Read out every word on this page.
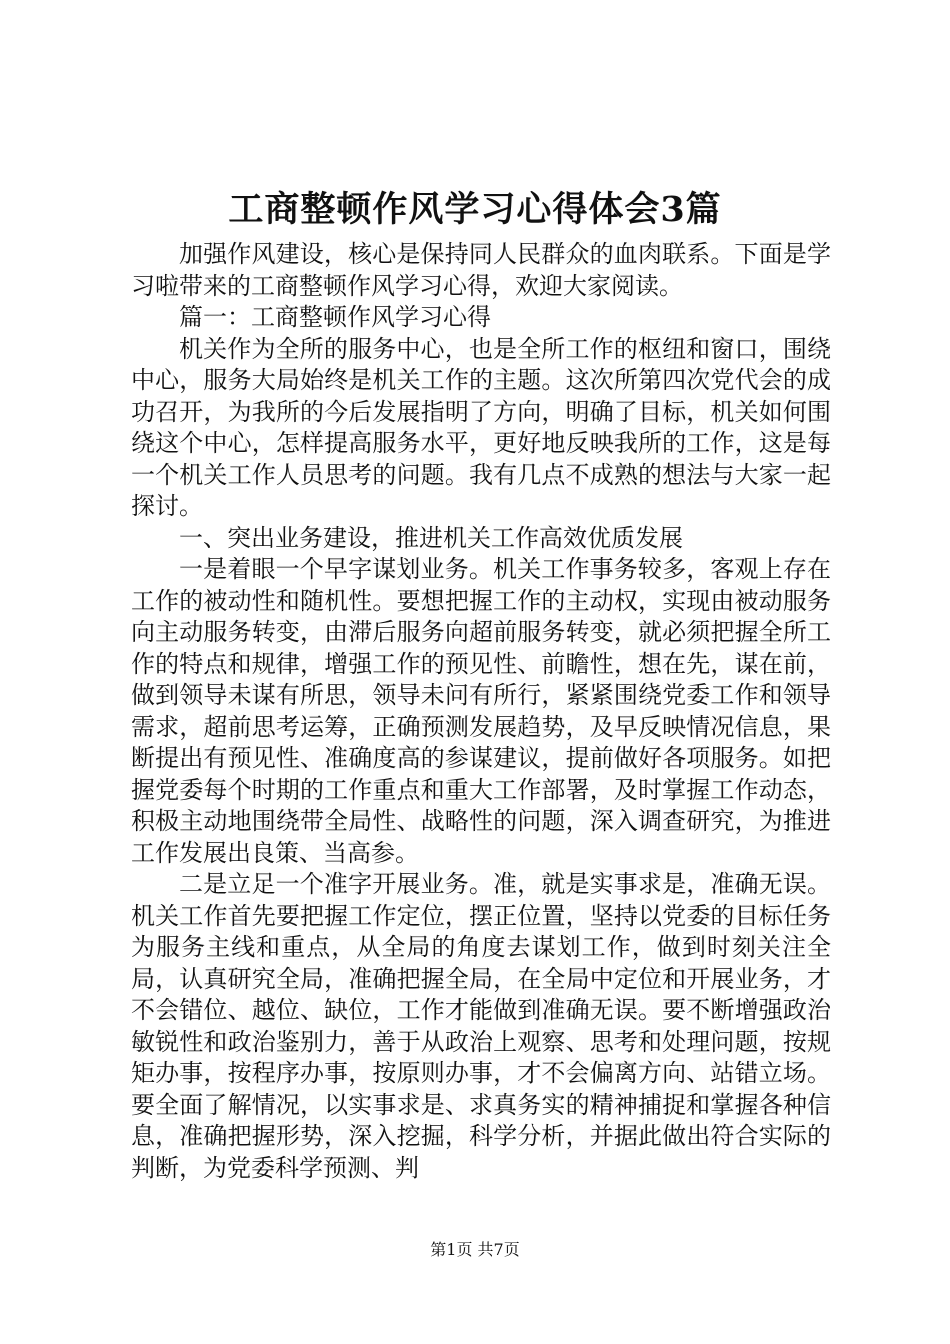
工商整顿作风学习心得体会3篇

加强作风建设，核心是保持同人民群众的血肉联系。下面是学习啦带来的工商整顿作风学习心得，欢迎大家阅读。

篇一：工商整顿作风学习心得

机关作为全所的服务中心，也是全所工作的枢纽和窗口，围绕中心，服务大局始终是机关工作的主题。这次所第四次党代会的成功召开，为我所的今后发展指明了方向，明确了目标，机关如何围绕这个中心，怎样提高服务水平，更好地反映我所的工作，这是每一个机关工作人员思考的问题。我有几点不成熟的想法与大家一起探讨。

一、突出业务建设，推进机关工作高效优质发展

一是着眼一个早字谋划业务。机关工作事务较多，客观上存在工作的被动性和随机性。要想把握工作的主动权，实现由被动服务向主动服务转变，由滞后服务向超前服务转变，就必须把握全所工作的特点和规律，增强工作的预见性、前瞻性，想在先，谋在前，做到领导未谋有所思，领导未问有所行，紧紧围绕党委工作和领导需求，超前思考运筹，正确预测发展趋势，及早反映情况信息，果断提出有预见性、准确度高的参谋建议，提前做好各项服务。如把握党委每个时期的工作重点和重大工作部署，及时掌握工作动态，积极主动地围绕带全局性、战略性的问题，深入调查研究，为推进工作发展出良策、当高参。

二是立足一个准字开展业务。准，就是实事求是，准确无误。机关工作首先要把握工作定位，摆正位置，坚持以党委的目标任务为服务主线和重点，从全局的角度去谋划工作，做到时刻关注全局，认真研究全局，准确把握全局，在全局中定位和开展业务，才不会错位、越位、缺位，工作才能做到准确无误。要不断增强政治敏锐性和政治鉴别力，善于从政治上观察、思考和处理问题，按规矩办事，按程序办事，按原则办事，才不会偏离方向、站错立场。要全面了解情况，以实事求是、求真务实的精神捕捉和掌握各种信息，准确把握形势，深入挖掘，科学分析，并据此做出符合实际的判断，为党委科学预测、判

第1页 共7页
